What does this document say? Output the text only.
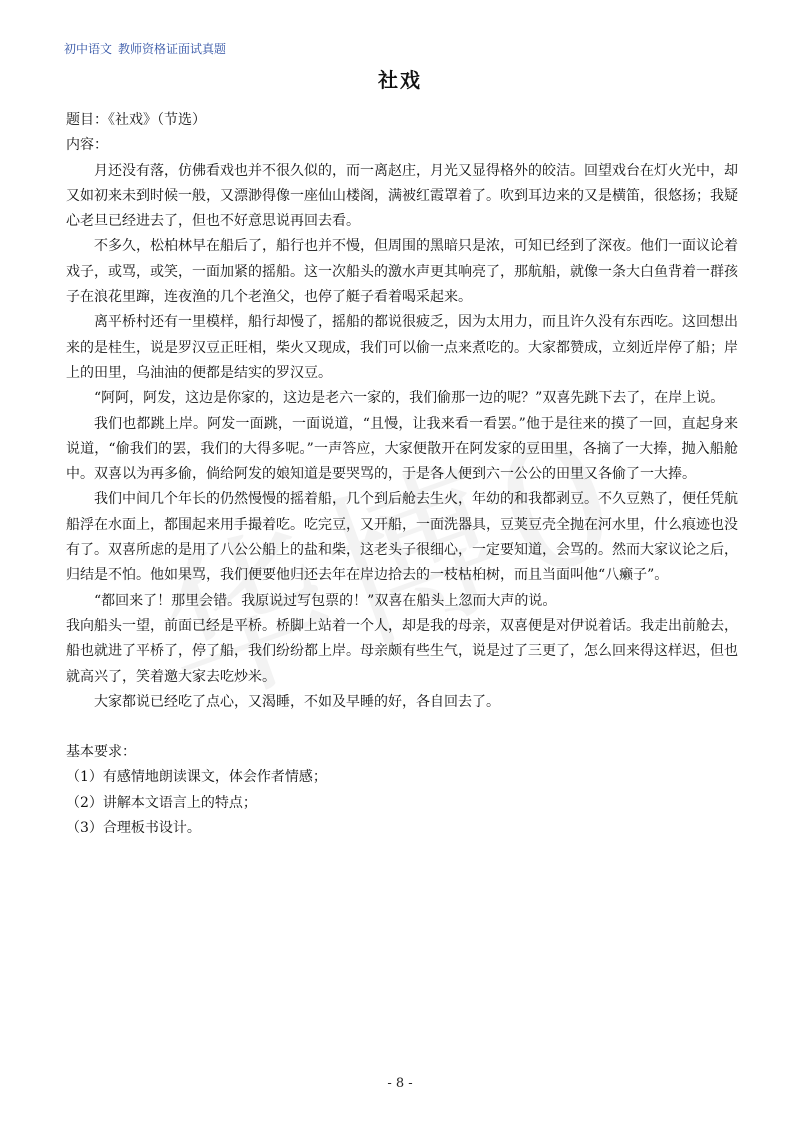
初中语文 教师资格证面试真题
社戏

题目：《社戏》（节选）

内容：

月还没有落，仿佛看戏也并不很久似的，而一离赵庄，月光又显得格外的皎洁。回望戏台在灯火光中，却又如初来未到时候一般，又漂渺得像一座仙山楼阁，满被红霞罩着了。吹到耳边来的又是横笛，很悠扬；我疑心老旦已经进去了，但也不好意思说再回去看。

不多久，松柏林早在船后了，船行也并不慢，但周围的黑暗只是浓，可知已经到了深夜。他们一面议论着戏子，或骂，或笑，一面加紧的摇船。这一次船头的激水声更其响亮了，那航船，就像一条大白鱼背着一群孩子在浪花里蹿，连夜渔的几个老渔父，也停了艇子看着喝采起来。

离平桥村还有一里模样，船行却慢了，摇船的都说很疲乏，因为太用力，而且许久没有东西吃。这回想出来的是桂生，说是罗汉豆正旺相，柴火又现成，我们可以偷一点来煮吃的。大家都赞成，立刻近岸停了船；岸上的田里，乌油油的便都是结实的罗汉豆。

“阿阿，阿发，这边是你家的，这边是老六一家的，我们偷那一边的呢？”双喜先跳下去了，在岸上说。

我们也都跳上岸。阿发一面跳，一面说道，“且慢，让我来看一看罢。”他于是往来的摸了一回，直起身来说道，“偷我们的罢，我们的大得多呢。”一声答应，大家便散开在阿发家的豆田里，各摘了一大捧，抛入船舱中。双喜以为再多偷，倘给阿发的娘知道是要哭骂的，于是各人便到六一公公的田里又各偷了一大捧。

我们中间几个年长的仍然慢慢的摇着船，几个到后舱去生火，年幼的和我都剥豆。不久豆熟了，便任凭航船浮在水面上，都围起来用手撮着吃。吃完豆，又开船，一面洗器具，豆荚豆壳全抛在河水里，什么痕迹也没有了。双喜所虑的是用了八公公船上的盐和柴，这老头子很细心，一定要知道，会骂的。然而大家议论之后，归结是不怕。他如果骂，我们便要他归还去年在岸边拾去的一枝枯桕树，而且当面叫他“八癞子”。

“都回来了！那里会错。我原说过写包票的！”双喜在船头上忽而大声的说。

我向船头一望，前面已经是平桥。桥脚上站着一个人，却是我的母亲，双喜便是对伊说着话。我走出前舱去，船也就进了平桥了，停了船，我们纷纷都上岸。母亲颇有些生气，说是过了三更了，怎么回来得这样迟，但也就高兴了，笑着邀大家去吃炒米。

大家都说已经吃了点心，又渴睡，不如及早睡的好，各自回去了。

基本要求：

（1）有感情地朗读课文，体会作者情感；

（2）讲解本文语言上的特点；

（3）合理板书设计。

- 8 -
